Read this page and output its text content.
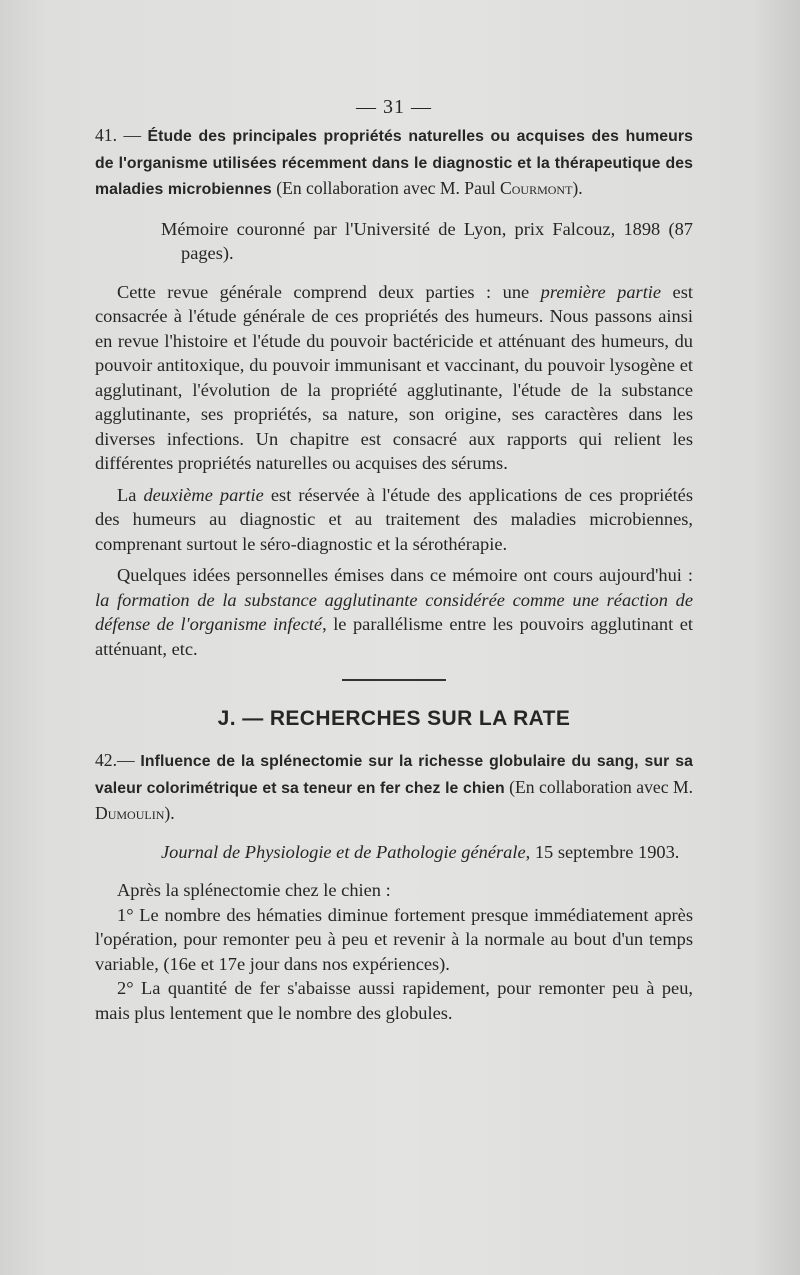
— 31 —

41. — Étude des principales propriétés naturelles ou acquises des humeurs de l'organisme utilisées récemment dans le diagnostic et la thérapeutique des maladies microbiennes (En collaboration avec M. Paul Courmont).

Mémoire couronné par l'Université de Lyon, prix Falcouz, 1898 (87 pages).

Cette revue générale comprend deux parties : une première partie est consacrée à l'étude générale de ces propriétés des humeurs. Nous passons ainsi en revue l'histoire et l'étude du pouvoir bactéricide et atténuant des humeurs, du pouvoir antitoxique, du pouvoir immunisant et vaccinant, du pouvoir lysogène et agglutinant, l'évolution de la propriété agglutinante, l'étude de la substance agglutinante, ses propriétés, sa nature, son origine, ses caractères dans les diverses infections. Un chapitre est consacré aux rapports qui relient les différentes propriétés naturelles ou acquises des sérums.

La deuxième partie est réservée à l'étude des applications de ces propriétés des humeurs au diagnostic et au traitement des maladies microbiennes, comprenant surtout le séro-diagnostic et la sérothérapie.

Quelques idées personnelles émises dans ce mémoire ont cours aujourd'hui : la formation de la substance agglutinante considérée comme une réaction de défense de l'organisme infecté, le parallélisme entre les pouvoirs agglutinant et atténuant, etc.

J. — RECHERCHES SUR LA RATE

42.— Influence de la splénectomie sur la richesse globulaire du sang, sur sa valeur colorimétrique et sa teneur en fer chez le chien (En collaboration avec M. Dumoulin).

Journal de Physiologie et de Pathologie générale, 15 septembre 1903.

Après la splénectomie chez le chien :

1° Le nombre des hématies diminue fortement presque immédiatement après l'opération, pour remonter peu à peu et revenir à la normale au bout d'un temps variable, (16e et 17e jour dans nos expériences).

2° La quantité de fer s'abaisse aussi rapidement, pour remonter peu à peu, mais plus lentement que le nombre des globules.
